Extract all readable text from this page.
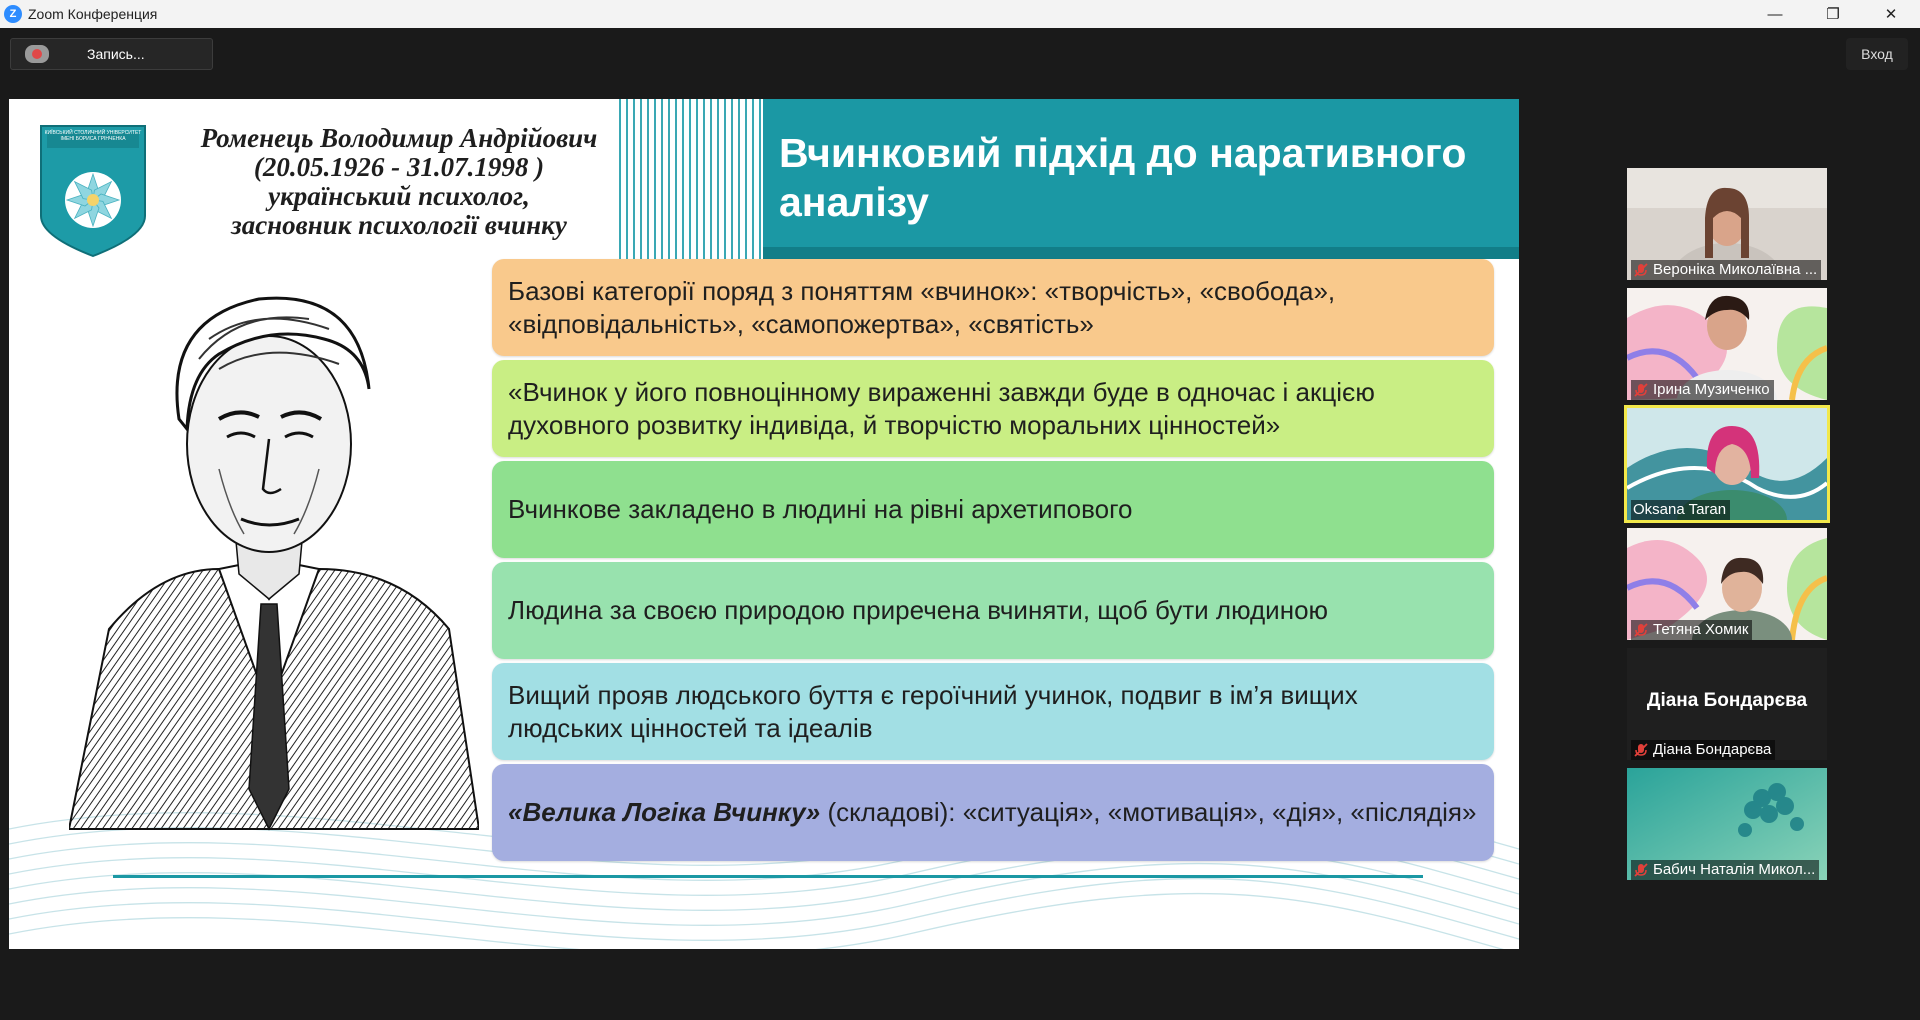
Z Zoom Конференция	—	❐	✕
Запись...	Вход
Вчинковий підхід до наративного аналізу
КИЇВСЬКИЙ СТОЛИЧНИЙ УНІВЕРСИТЕТ ІМЕНІ БОРИСА ГРІНЧЕНКА	Роменець Володимир Андрійович
(20.05.1926 - 31.07.1998 )
український психолог,
засновник психології вчинку
Базові категорії поряд з поняттям «вчинок»: «творчість», «свобода», «відповідальність», «самопожертва», «святість»
«Вчинок у його повноцінному вираженні завжди буде в одночас і акцією духовного розвитку індивіда, й творчістю моральних цінностей»
Вчинкове закладено в людині на рівні архетипового
Людина за своєю природою приречена вчиняти, щоб бути людиною
Вищий прояв людського буття є героїчний учинок, подвиг в ім’я вищих людських цінностей та ідеалів
«Велика Логіка Вчинку» (складові): «ситуація», «мотивація», «дія», «післядія»
Вероніка Миколаївна ...
Ірина Музиченко
Oksana Taran
Тетяна Хомик
Діана Бондарєва
Діана Бондарєва
Бабич Наталія Микол...
